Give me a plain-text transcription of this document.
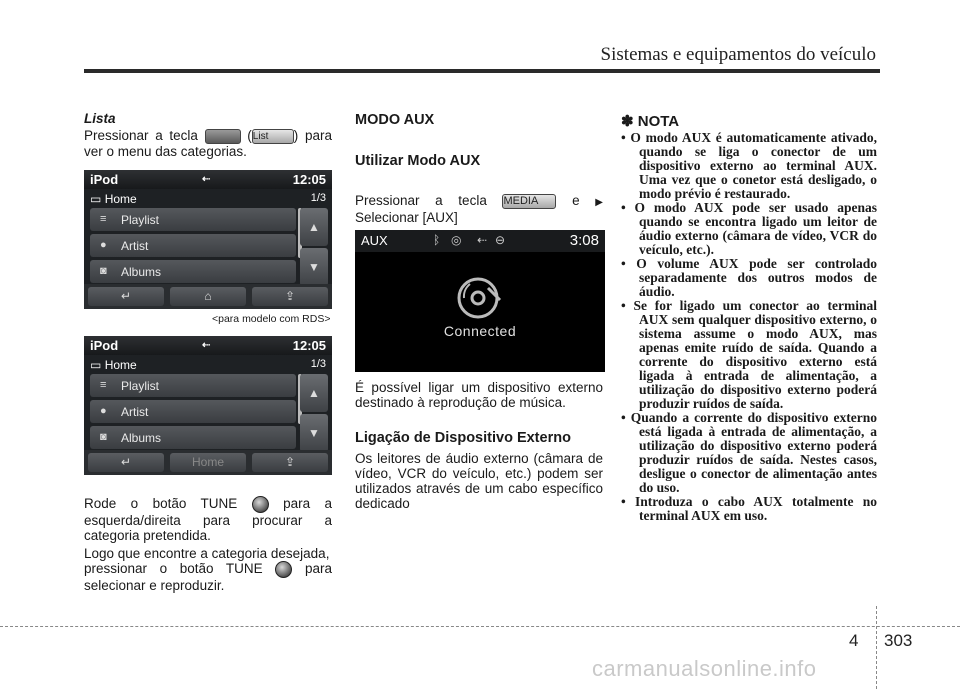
Sistemas e equipamentos do veículo
Lista
Pressionar a tecla	(List ) para
ver o menu das categorias.
iPod	⇠	12:05
▭ Home	1/3
≡ Playlist
● Artist
◙ Albums
▲
▼
↵	⌂	⇪
<para modelo com RDS>
iPod	⇠	12:05
▭ Home	1/3
≡ Playlist
● Artist
◙ Albums
▲
▼
↵	Home	⇪
Rode o botão TUNE	para a
esquerda/direita para procurar a
categoria pretendida.
Logo que encontre a categoria desejada,
pressionar o botão TUNE	para
selecionar e reproduzir.
MODO AUX
Utilizar Modo AUX
Pressionar a tecla MEDIA	e ▶
Selecionar [AUX]
AUX	ᛒ ◎ ⇠ ⊖	3:08
Connected
É possível ligar um dispositivo externo
destinado à reprodução de música.
Ligação de Dispositivo Externo
Os leitores de áudio externo (câmara de
vídeo, VCR do veículo, etc.) podem ser
utilizados através de um cabo específico
dedicado
✽ NOTA
• O modo AUX é automaticamente ativado, quando se liga o conector de um dispositivo externo ao terminal AUX. Uma vez que o conetor está desligado, o modo prévio é restaurado.
• O modo AUX pode ser usado apenas quando se encontra ligado um leitor de áudio externo (câmara de vídeo, VCR do veículo, etc.).
• O volume AUX pode ser controlado separadamente dos outros modos de áudio.
• Se for ligado um conector ao terminal AUX sem qualquer dispositivo externo, o sistema assume o modo AUX, mas apenas emite ruído de saída. Quando a corrente do dispositivo externo está ligada à entrada de alimentação, a utilização do dispositivo externo poderá produzir ruídos de saída.
• Quando a corrente do dispositivo externo está ligada à entrada de alimentação, a utilização do dispositivo externo poderá produzir ruídos de saída. Nestes casos, desligue o conector de alimentação antes do uso.
• Introduza o cabo AUX totalmente no terminal AUX em uso.
4 303
carmanualsonline.info
